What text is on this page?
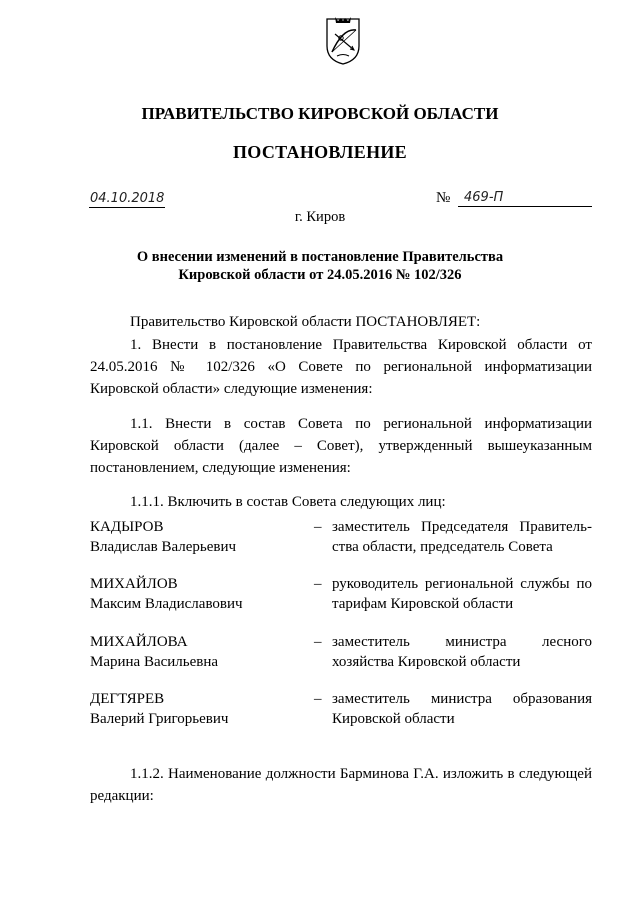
ПРАВИТЕЛЬСТВО КИРОВСКОЙ ОБЛАСТИ
ПОСТАНОВЛЕНИЕ
04.10.2018	№	469-П
г. Киров
О внесении изменений в постановление Правительства
Кировской области от 24.05.2016 № 102/326
Правительство Кировской области ПОСТАНОВЛЯЕТ:
1. Внести в постановление Правительства Кировской области от 24.05.2016 № 102/326 «О Совете по региональной информатизации Кировской области» следующие изменения:
1.1. Внести в состав Совета по региональной информатизации Кировской области (далее – Совет), утвержденный вышеуказанным постановлением, следующие изменения:
1.1.1. Включить в состав Совета следующих лиц:
КАДЫРОВ
Владислав Валерьевич
– заместитель Председателя Правитель-ства области, председатель Совета
МИХАЙЛОВ
Максим Владиславович
– руководитель региональной службы по тарифам Кировской области
МИХАЙЛОВА
Марина Васильевна
– заместитель министра лесного хозяйства Кировской области
ДЕГТЯРЕВ
Валерий Григорьевич
– заместитель министра образования Кировской области
1.1.2. Наименование должности Барминова Г.А. изложить в следующей редакции:
